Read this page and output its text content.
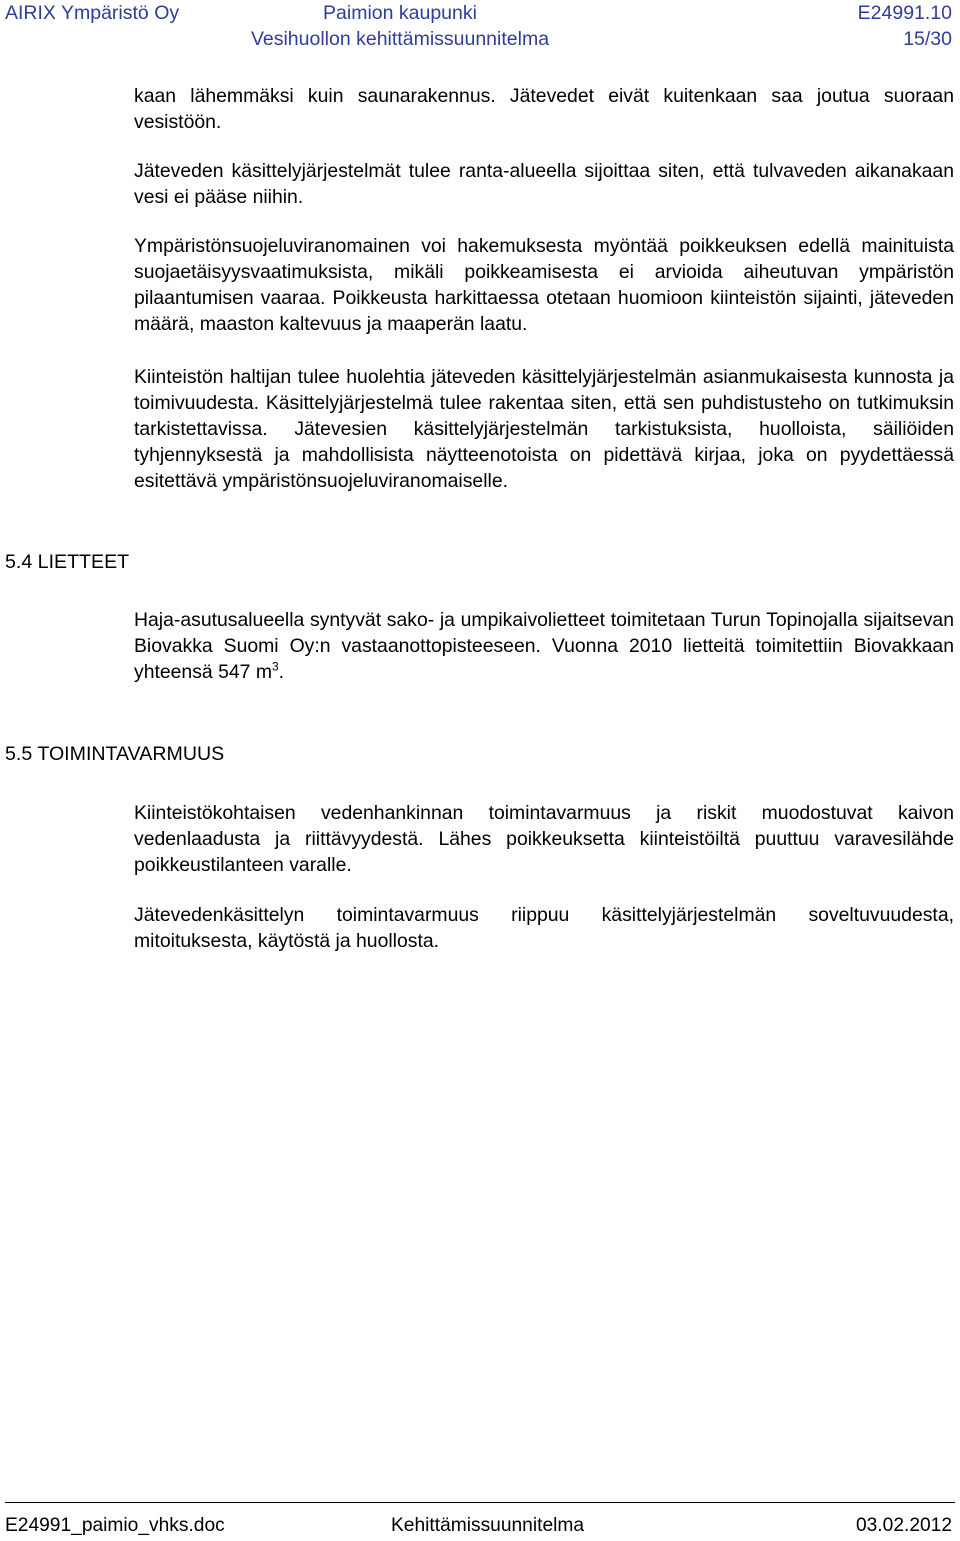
AIRIX Ympäristö Oy	Paimion kaupunki
Vesihuollon kehittämissuunnitelma
E24991.10
15/30

kaan lähemmäksi kuin saunarakennus. Jätevedet eivät kuitenkaan saa joutua suoraan vesistöön.

Jäteveden käsittelyjärjestelmät tulee ranta-alueella sijoittaa siten, että tulvaveden aikanakaan vesi ei pääse niihin.

Ympäristönsuojeluviranomainen voi hakemuksesta myöntää poikkeuksen edellä mainituista suojaetäisyysvaatimuksista, mikäli poikkeamisesta ei arvioida aiheutuvan ympäristön pilaantumisen vaaraa. Poikkeusta harkittaessa otetaan huomioon kiinteistön sijainti, jäteveden määrä, maaston kaltevuus ja maaperän laatu.

Kiinteistön haltijan tulee huolehtia jäteveden käsittelyjärjestelmän asianmukaisesta kunnosta ja toimivuudesta. Käsittelyjärjestelmä tulee rakentaa siten, että sen puhdistusteho on tutkimuksin tarkistettavissa. Jätevesien käsittelyjärjestelmän tarkistuksista, huolloista, säiliöiden tyhjennyksestä ja mahdollisista näytteenotoista on pidettävä kirjaa, joka on pyydettäessä esitettävä ympäristönsuojeluviranomaiselle.

5.4 LIETTEET

Haja-asutusalueella syntyvät sako- ja umpikaivolietteet toimitetaan Turun Topinojalla sijaitsevan Biovakka Suomi Oy:n vastaanottopisteeseen. Vuonna 2010 lietteitä toimitettiin Biovakkaan yhteensä 547 $m^3$.

5.5 TOIMINTAVARMUUS

Kiinteistökohtaisen vedenhankinnan toimintavarmuus ja riskit muodostuvat kaivon vedenlaadusta ja riittävyydestä. Lähes poikkeuksetta kiinteistöiltä puuttuu varavesilähde poikkeustilanteen varalle.

Jätevedenkäsittelyn toimintavarmuus riippuu käsittelyjärjestelmän soveltuvuudesta, mitoituksesta, käytöstä ja huollosta.

E24991_paimio_vhks.doc	Kehittämissuunnitelma	03.02.2012
